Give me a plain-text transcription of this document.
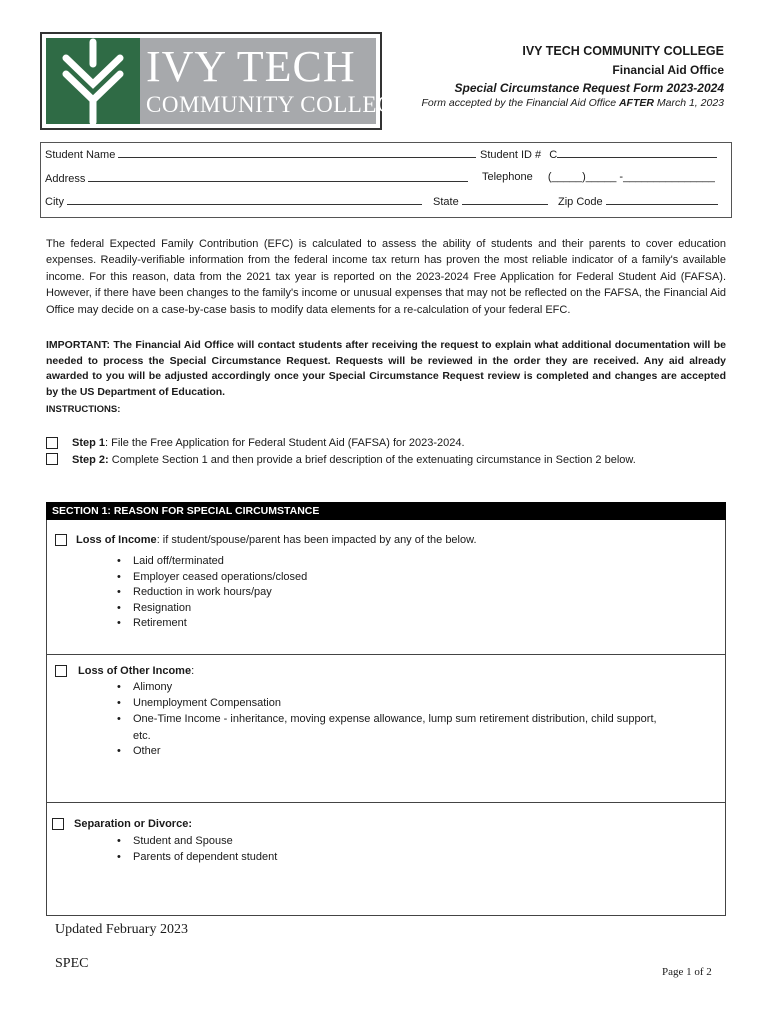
IVY TECH
COMMUNITY COLLEGE
IVY TECH COMMUNITY COLLEGE
Financial Aid Office
Special Circumstance Request Form 2023-2024
Form accepted by the Financial Aid Office AFTER March 1, 2023
Student Name	Student ID # C
Address	Telephone (_____)_____ -_______________
City	State	Zip Code
The federal Expected Family Contribution (EFC) is calculated to assess the ability of students and their parents to cover education expenses. Readily-verifiable information from the federal income tax return has proven the most reliable indicator of a family's available income. For this reason, data from the 2021 tax year is reported on the 2023-2024 Free Application for Federal Student Aid (FAFSA). However, if there have been changes to the family's income or unusual expenses that may not be reflected on the FAFSA, the Financial Aid Office may decide on a case-by-case basis to modify data elements for a re-calculation of your federal EFC.
IMPORTANT: The Financial Aid Office will contact students after receiving the request to explain what additional documentation will be needed to process the Special Circumstance Request. Requests will be reviewed in the order they are received. Any aid already awarded to you will be adjusted accordingly once your Special Circumstance Request review is completed and changes are accepted by the US Department of Education.
INSTRUCTIONS:
Step 1: File the Free Application for Federal Student Aid (FAFSA) for 2023-2024.
Step 2: Complete Section 1 and then provide a brief description of the extenuating circumstance in Section 2 below.
SECTION 1: REASON FOR SPECIAL CIRCUMSTANCE
Loss of Income: if student/spouse/parent has been impacted by any of the below.
• Laid off/terminated
• Employer ceased operations/closed
• Reduction in work hours/pay
• Resignation
• Retirement
Loss of Other Income:
• Alimony
• Unemployment Compensation
• One-Time Income - inheritance, moving expense allowance, lump sum retirement distribution, child support, etc.
• Other
Separation or Divorce:
• Student and Spouse
• Parents of dependent student
Updated February 2023
SPEC
Page 1 of 2
